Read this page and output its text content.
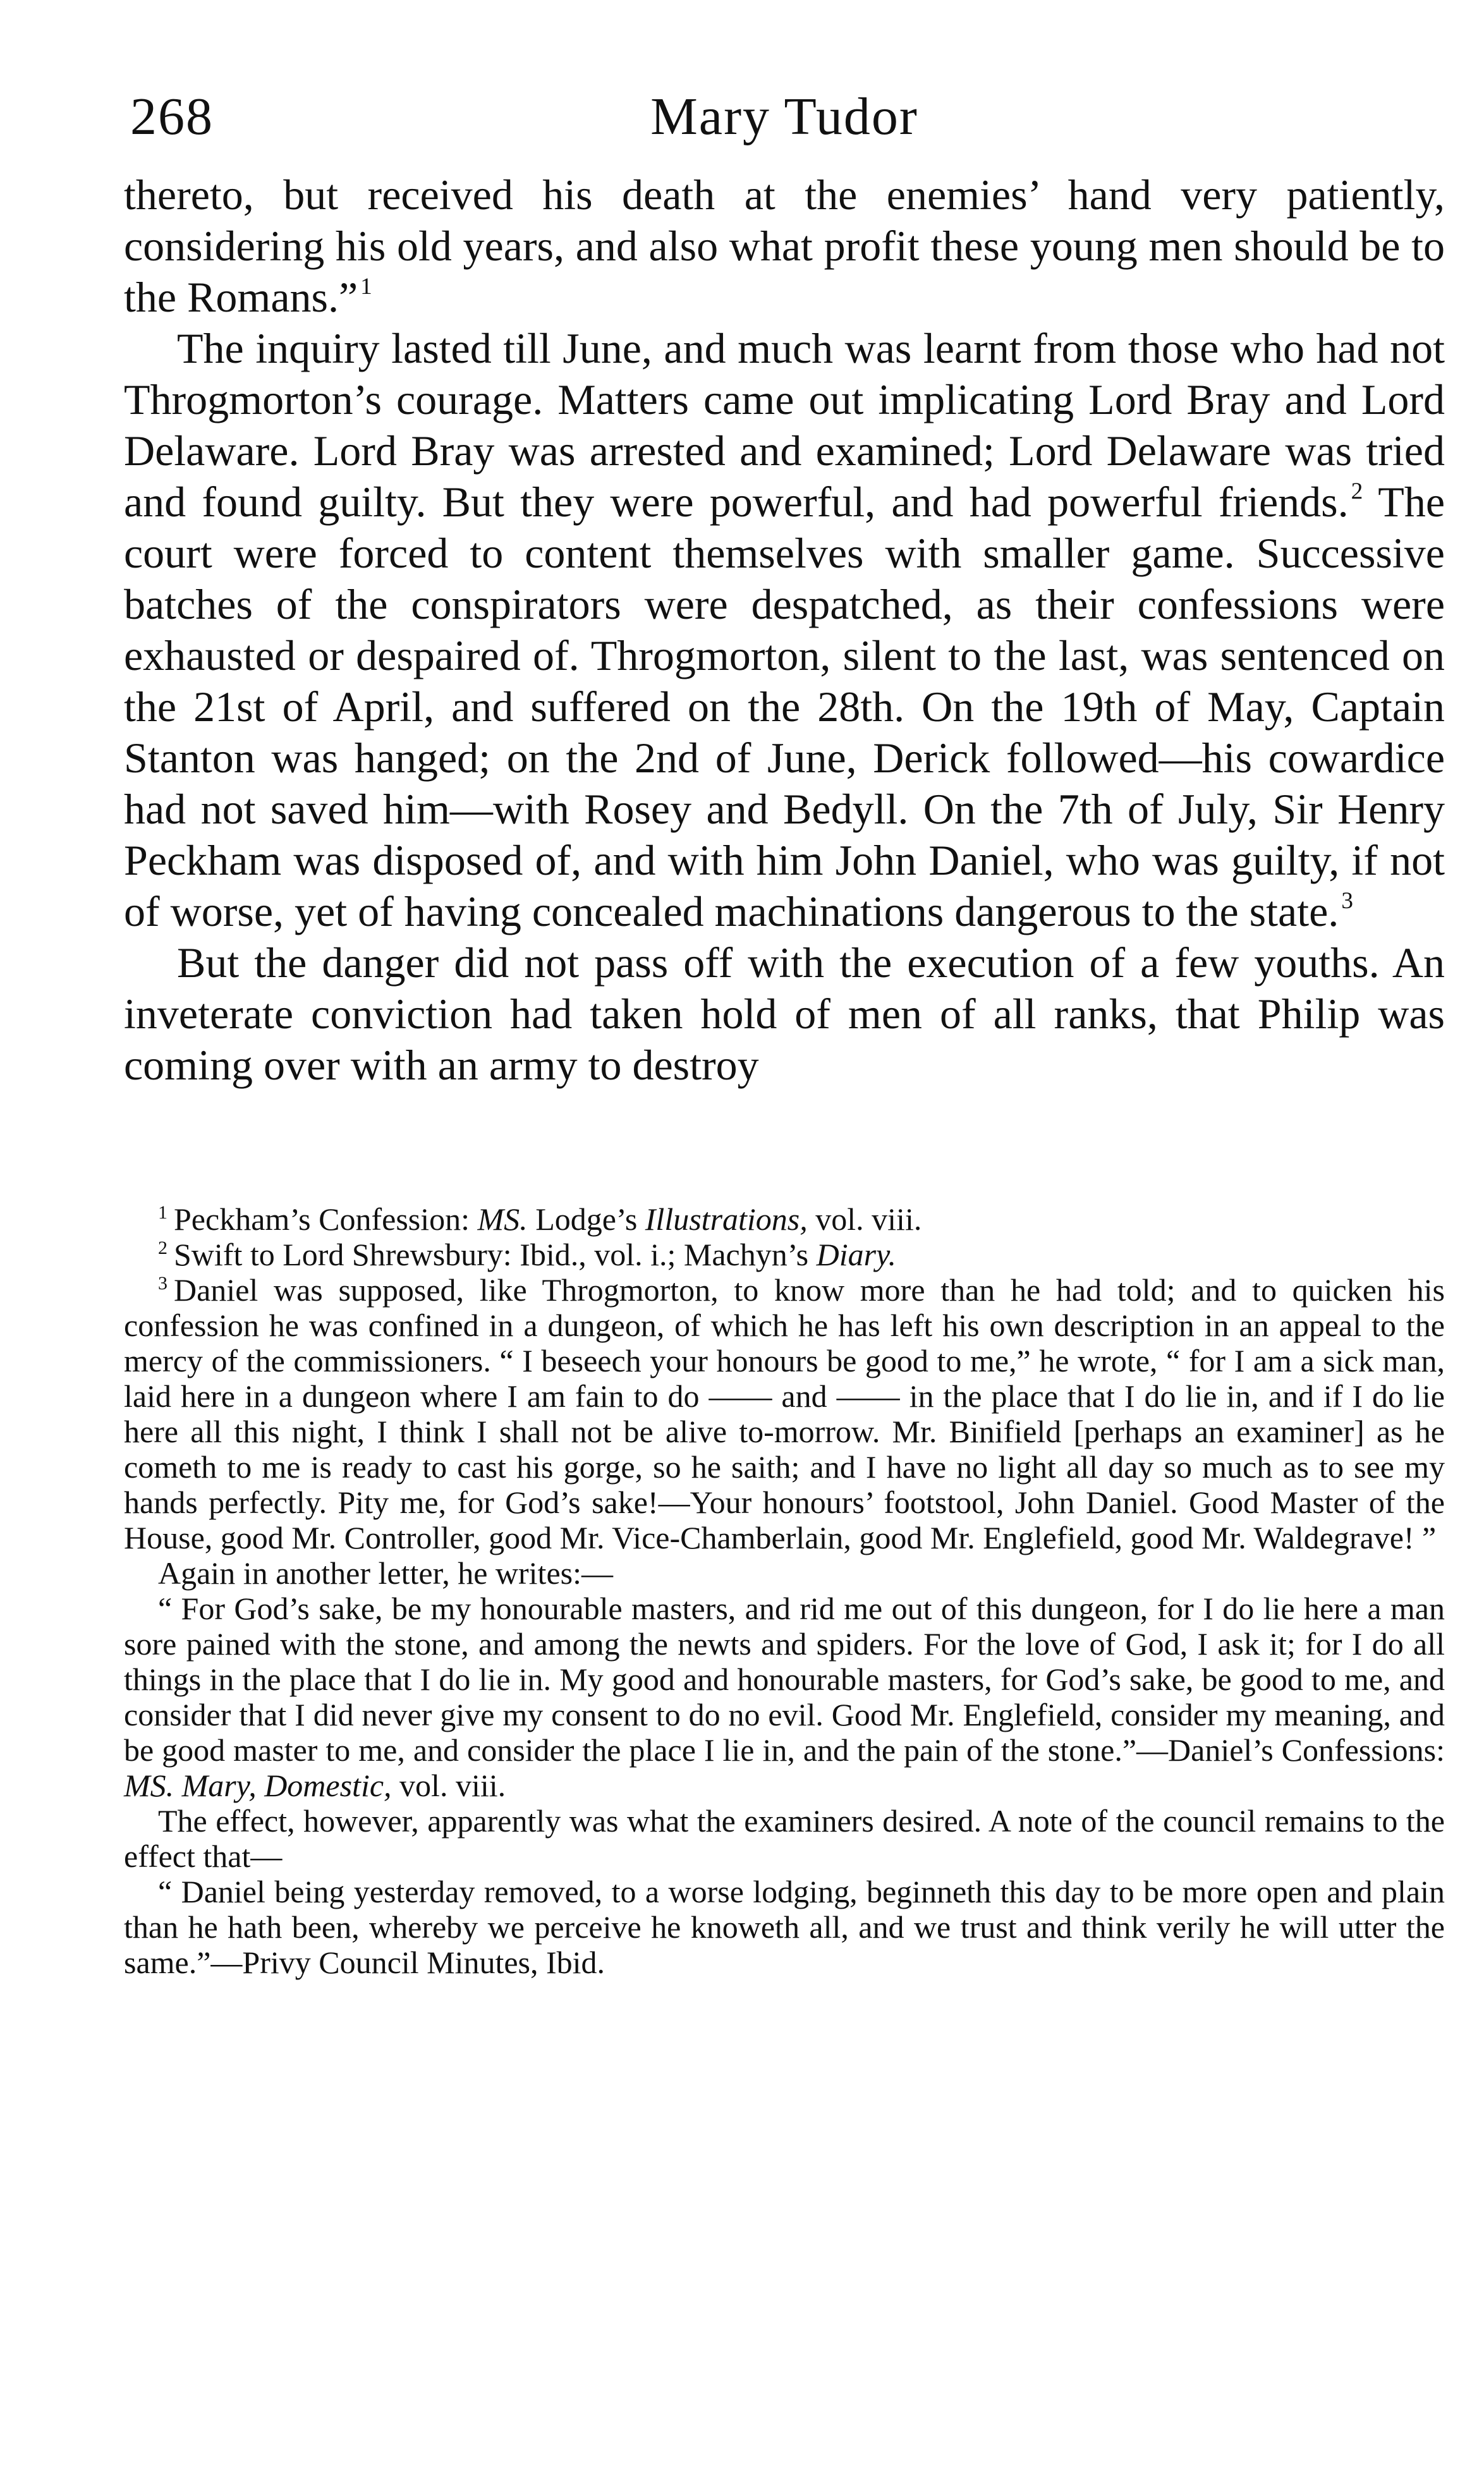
268	Mary Tudor

thereto, but received his death at the enemies’ hand very patiently, considering his old years, and also what profit these young men should be to the Romans.” $^1$

The inquiry lasted till June, and much was learnt from those who had not Throgmorton’s courage. Matters came out implicating Lord Bray and Lord Delaware. Lord Bray was arrested and examined; Lord Delaware was tried and found guilty. But they were powerful, and had powerful friends. $^2$ The court were forced to content themselves with smaller game. Successive batches of the conspirators were despatched, as their confessions were exhausted or despaired of. Throgmorton, silent to the last, was sentenced on the 21st of April, and suffered on the 28th. On the 19th of May, Captain Stanton was hanged; on the 2nd of June, Derick followed—his cowardice had not saved him—with Rosey and Bedyll. On the 7th of July, Sir Henry Peckham was disposed of, and with him John Daniel, who was guilty, if not of worse, yet of having concealed machinations dangerous to the state. $^3$

But the danger did not pass off with the execution of a few youths. An inveterate conviction had taken hold of men of all ranks, that Philip was coming over with an army to destroy

$^1$ Peckham’s Confession: MS. Lodge’s Illustrations, vol. viii.

$^2$ Swift to Lord Shrewsbury: Ibid., vol. i.; Machyn’s Diary.

$^3$ Daniel was supposed, like Throgmorton, to know more than he had told; and to quicken his confession he was confined in a dungeon, of which he has left his own description in an appeal to the mercy of the commissioners. “ I beseech your honours be good to me,” he wrote, “ for I am a sick man, laid here in a dungeon where I am fain to do —— and —— in the place that I do lie in, and if I do lie here all this night, I think I shall not be alive to-morrow. Mr. Binifield [perhaps an examiner] as he cometh to me is ready to cast his gorge, so he saith; and I have no light all day so much as to see my hands perfectly. Pity me, for God’s sake!—Your honours’ footstool, John Daniel. Good Master of the House, good Mr. Controller, good Mr. Vice-Chamberlain, good Mr. Englefield, good Mr. Waldegrave! ”

Again in another letter, he writes:—

“ For God’s sake, be my honourable masters, and rid me out of this dungeon, for I do lie here a man sore pained with the stone, and among the newts and spiders. For the love of God, I ask it; for I do all things in the place that I do lie in. My good and honourable masters, for God’s sake, be good to me, and consider that I did never give my consent to do no evil. Good Mr. Englefield, consider my meaning, and be good master to me, and consider the place I lie in, and the pain of the stone.”—Daniel’s Confessions: MS. Mary, Domestic, vol. viii.

The effect, however, apparently was what the examiners desired. A note of the council remains to the effect that—

“ Daniel being yesterday removed, to a worse lodging, beginneth this day to be more open and plain than he hath been, whereby we perceive he knoweth all, and we trust and think verily he will utter the same.”—Privy Council Minutes, Ibid.
